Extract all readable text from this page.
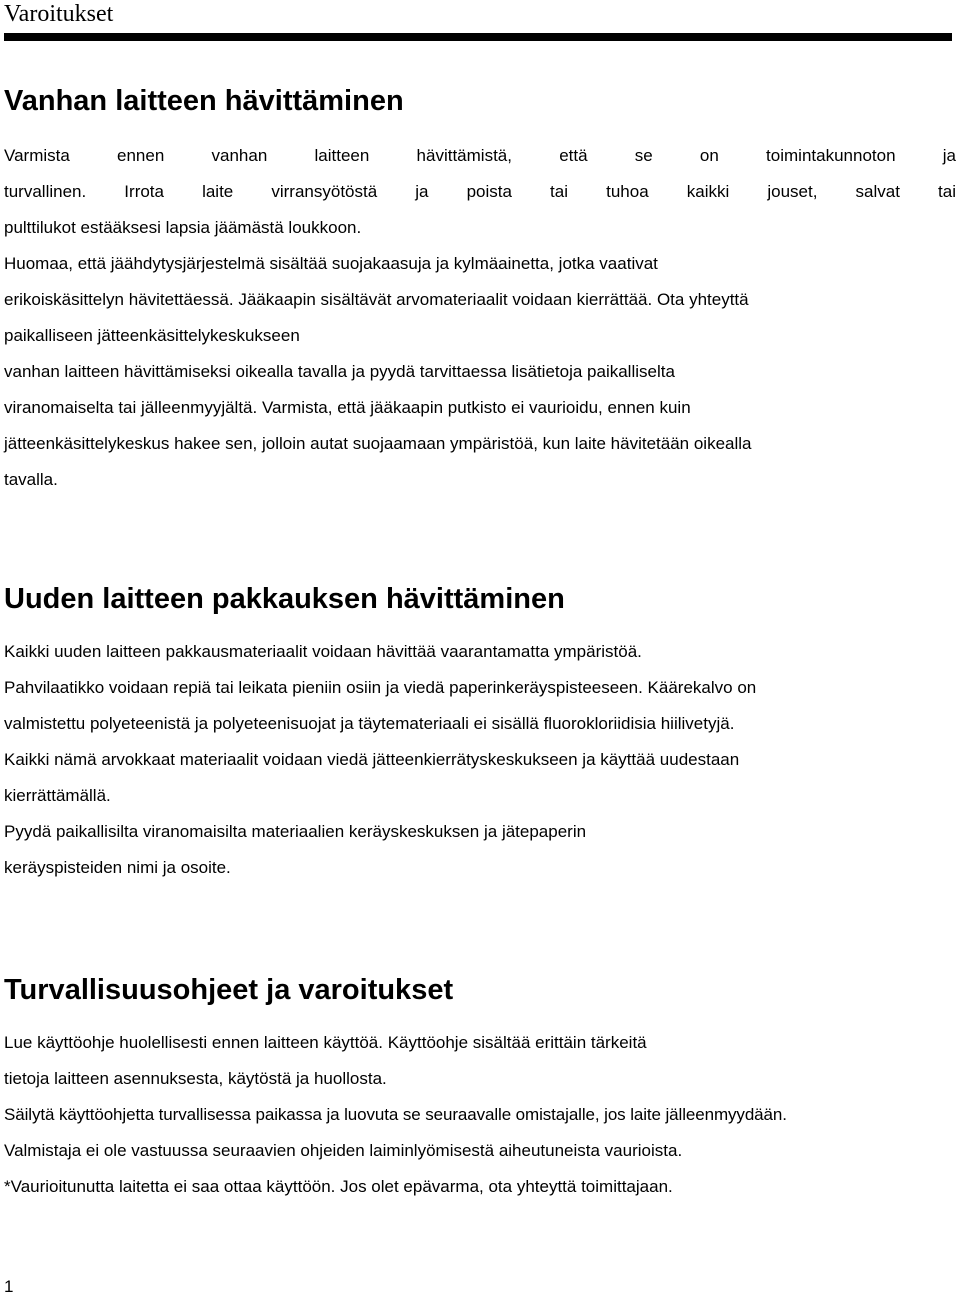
Varoitukset
Vanhan laitteen hävittäminen

Varmista ennen vanhan laitteen hävittämistä, että se on toimintakunnoton ja

turvallinen. Irrota laite virransyötöstä ja poista tai tuhoa kaikki jouset, salvat tai

pulttilukot estääksesi lapsia jäämästä loukkoon.

Huomaa, että jäähdytysjärjestelmä sisältää suojakaasuja ja kylmäainetta, jotka vaativat

erikoiskäsittelyn hävitettäessä. Jääkaapin sisältävät arvomateriaalit voidaan kierrättää. Ota yhteyttä

paikalliseen jätteenkäsittelykeskukseen

vanhan laitteen hävittämiseksi oikealla tavalla ja pyydä tarvittaessa lisätietoja paikalliselta

viranomaiselta tai jälleenmyyjältä. Varmista, että jääkaapin putkisto ei vaurioidu, ennen kuin

jätteenkäsittelykeskus hakee sen, jolloin autat suojaamaan ympäristöä, kun laite hävitetään oikealla

tavalla.

Uuden laitteen pakkauksen hävittäminen

Kaikki uuden laitteen pakkausmateriaalit voidaan hävittää vaarantamatta ympäristöä.

Pahvilaatikko voidaan repiä tai leikata pieniin osiin ja viedä paperinkeräyspisteeseen. Käärekalvo on

valmistettu polyeteenistä ja polyeteenisuojat ja täytemateriaali ei sisällä fluorokloriidisia hiilivetyjä.

Kaikki nämä arvokkaat materiaalit voidaan viedä jätteenkierrätyskeskukseen ja käyttää uudestaan

kierrättämällä.

Pyydä paikallisilta viranomaisilta materiaalien keräyskeskuksen ja jätepaperin

keräyspisteiden nimi ja osoite.

Turvallisuusohjeet ja varoitukset

Lue käyttöohje huolellisesti ennen laitteen käyttöä. Käyttöohje sisältää erittäin tärkeitä

tietoja laitteen asennuksesta, käytöstä ja huollosta.

Säilytä käyttöohjetta turvallisessa paikassa ja luovuta se seuraavalle omistajalle, jos laite jälleenmyydään.

Valmistaja ei ole vastuussa seuraavien ohjeiden laiminlyömisestä aiheutuneista vaurioista.

*Vaurioitunutta laitetta ei saa ottaa käyttöön. Jos olet epävarma, ota yhteyttä toimittajaan.

1
